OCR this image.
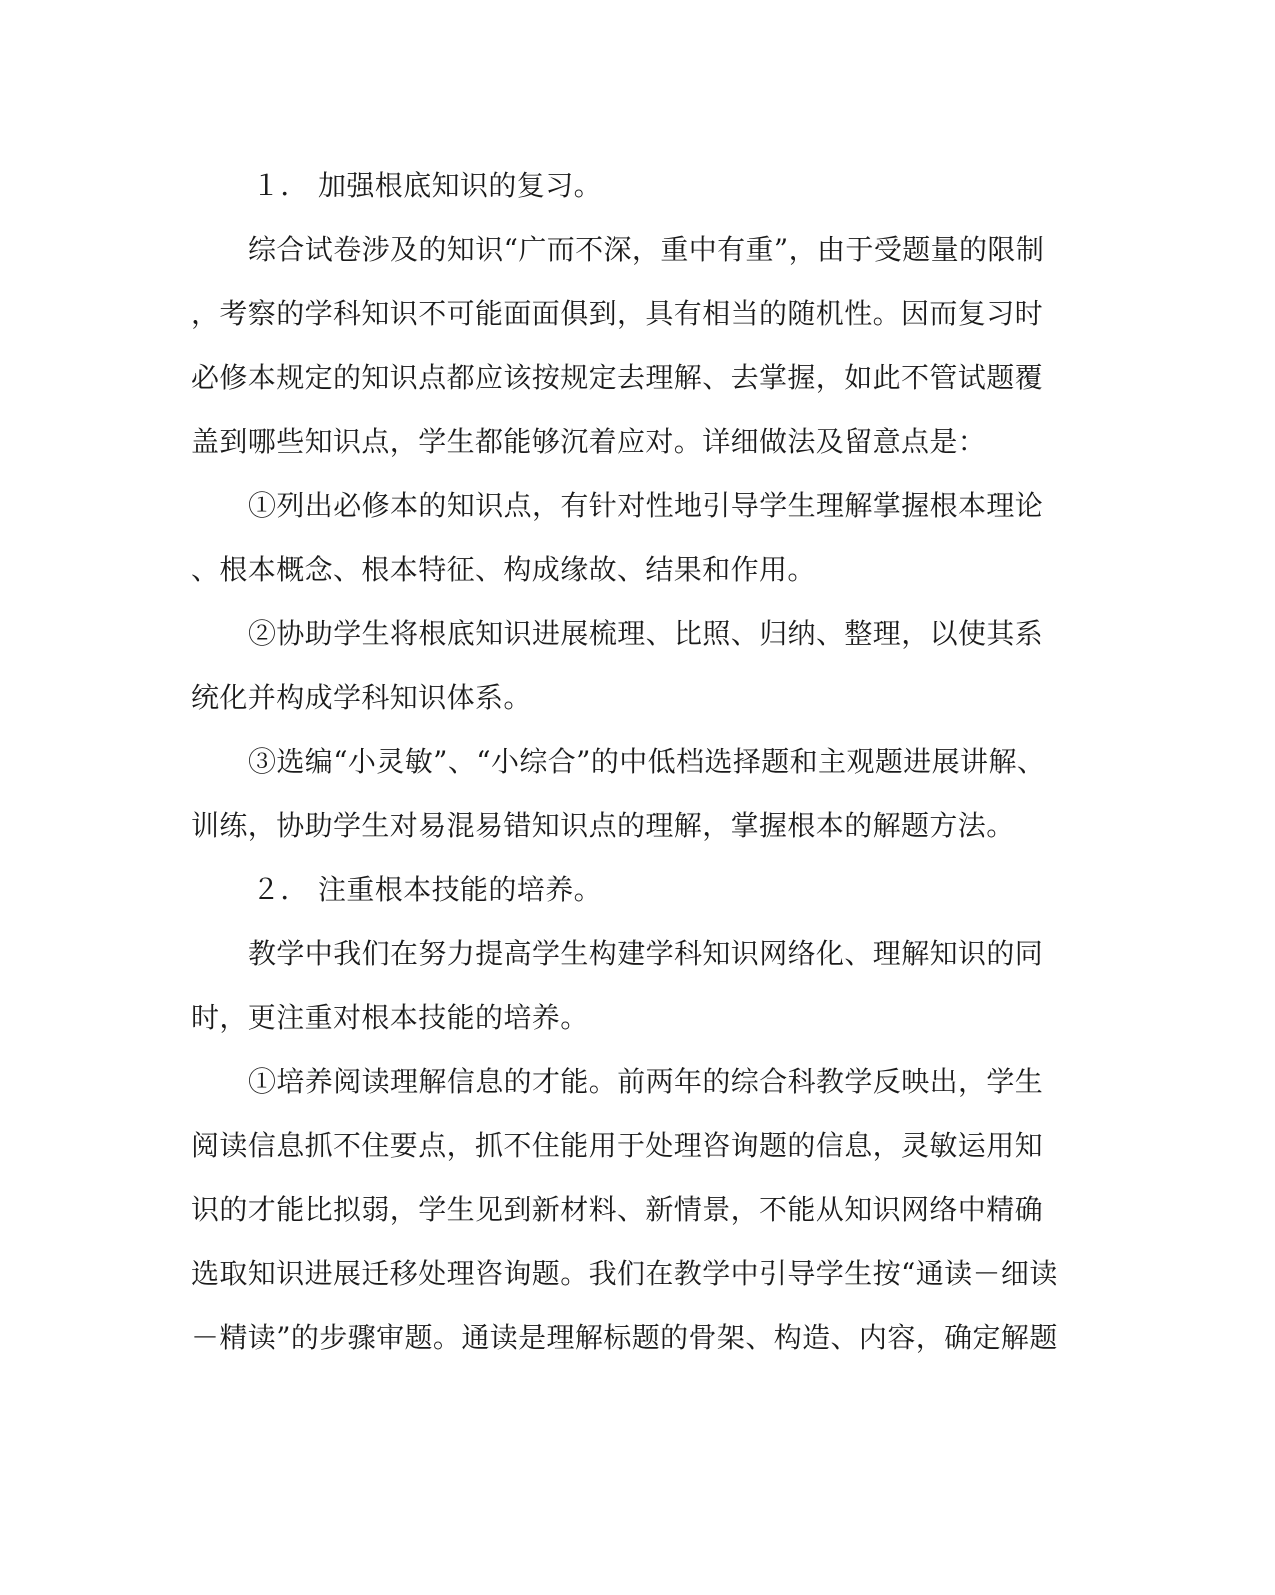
１． 加强根底知识的复习。
综合试卷涉及的知识“广而不深，重中有重”，由于受题量的限制
，考察的学科知识不可能面面俱到，具有相当的随机性。因而复习时
必修本规定的知识点都应该按规定去理解、去掌握，如此不管试题覆
盖到哪些知识点，学生都能够沉着应对。详细做法及留意点是：
①列出必修本的知识点，有针对性地引导学生理解掌握根本理论
、根本概念、根本特征、构成缘故、结果和作用。
②协助学生将根底知识进展梳理、比照、归纳、整理，以使其系
统化并构成学科知识体系。
③选编“小灵敏”、“小综合”的中低档选择题和主观题进展讲解、
训练，协助学生对易混易错知识点的理解，掌握根本的解题方法。
２． 注重根本技能的培养。
教学中我们在努力提高学生构建学科知识网络化、理解知识的同
时，更注重对根本技能的培养。
①培养阅读理解信息的才能。前两年的综合科教学反映出，学生
阅读信息抓不住要点，抓不住能用于处理咨询题的信息，灵敏运用知
识的才能比拟弱，学生见到新材料、新情景，不能从知识网络中精确
选取知识进展迁移处理咨询题。我们在教学中引导学生按“通读－细读
－精读”的步骤审题。通读是理解标题的骨架、构造、内容，确定解题
